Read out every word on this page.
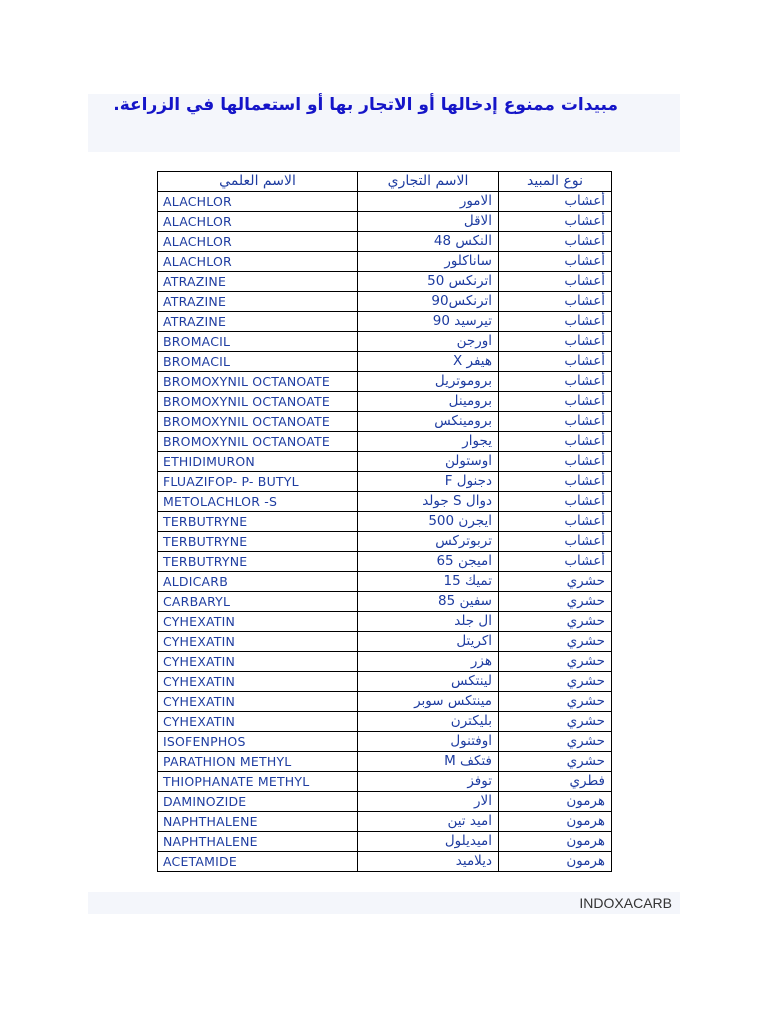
مبيدات ممنوع إدخالها أو الاتجار بها أو استعمالها في الزراعة.
الاسم العلمي	الاسم التجاري	نوع المبيد
ALACHLOR	الامور	أعشاب
ALACHLOR	الاقل	أعشاب
ALACHLOR	النكس 48	أعشاب
ALACHLOR	ساناكلور	أعشاب
ATRAZINE	اترنكس 50	أعشاب
ATRAZINE	اترنكس90	أعشاب
ATRAZINE	تيرسيد 90	أعشاب
BROMACIL	اورجن	أعشاب
BROMACIL	هيفر X	أعشاب
BROMOXYNIL OCTANOATE	بروموتريل	أعشاب
BROMOXYNIL OCTANOATE	برومينل	أعشاب
BROMOXYNIL OCTANOATE	برومينكس	أعشاب
BROMOXYNIL OCTANOATE	يجوار	أعشاب
ETHIDIMURON	اوستولن	أعشاب
FLUAZIFOP- P- BUTYL	دجنول F	أعشاب
METOLACHLOR -S	دوال S جولد	أعشاب
TERBUTRYNE	ايجرن 500	أعشاب
TERBUTRYNE	تربوتركس	أعشاب
TERBUTRYNE	اميجن 65	أعشاب
ALDICARB	تميك 15	حشري
CARBARYL	سفين 85	حشري
CYHEXATIN	ال جلد	حشري
CYHEXATIN	اكريتل	حشري
CYHEXATIN	هزر	حشري
CYHEXATIN	لينتكس	حشري
CYHEXATIN	مينتكس سوبر	حشري
CYHEXATIN	بليكترن	حشري
ISOFENPHOS	اوفتنول	حشري
PARATHION METHYL	فتكف M	حشري
THIOPHANATE METHYL	توفز	فطري
DAMINOZIDE	الار	هرمون
NAPHTHALENE	اميد تين	هرمون
NAPHTHALENE	اميديلول	هرمون
ACETAMIDE	ديلاميد	هرمون
INDOXACARB
